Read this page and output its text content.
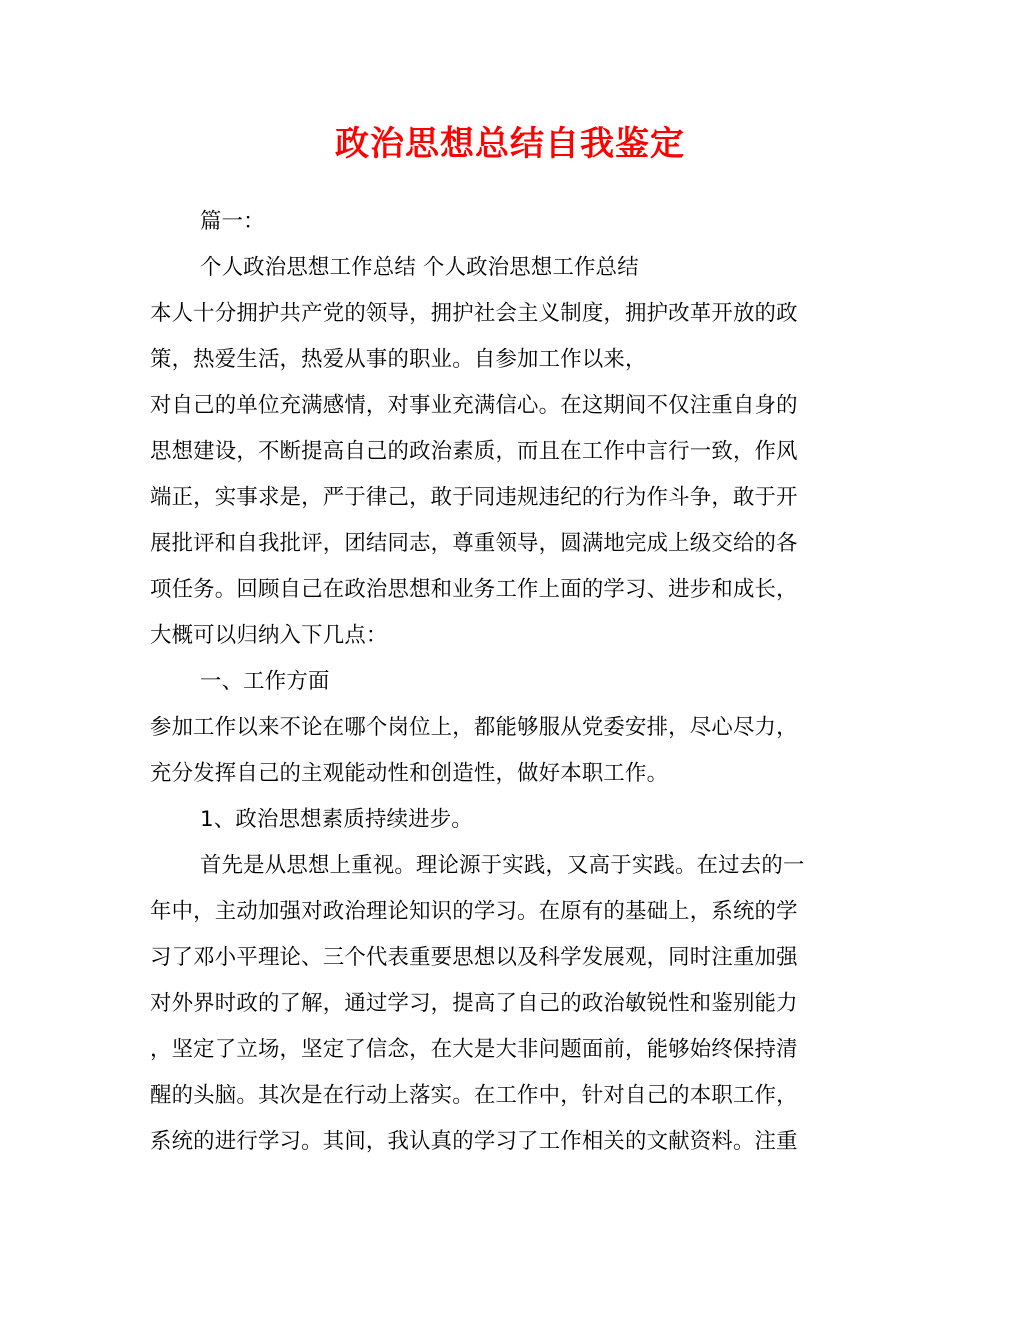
政治思想总结自我鉴定
篇一：
个人政治思想工作总结 个人政治思想工作总结
本人十分拥护共产党的领导，拥护社会主义制度，拥护改革开放的政
策，热爱生活，热爱从事的职业。自参加工作以来，
对自己的单位充满感情，对事业充满信心。在这期间不仅注重自身的
思想建设，不断提高自己的政治素质，而且在工作中言行一致，作风
端正，实事求是，严于律己，敢于同违规违纪的行为作斗争，敢于开
展批评和自我批评，团结同志，尊重领导，圆满地完成上级交给的各
项任务。回顾自己在政治思想和业务工作上面的学习、进步和成长，
大概可以归纳入下几点：
一、工作方面
参加工作以来不论在哪个岗位上，都能够服从党委安排，尽心尽力，
充分发挥自己的主观能动性和创造性，做好本职工作。
1、政治思想素质持续进步。
首先是从思想上重视。理论源于实践，又高于实践。在过去的一
年中，主动加强对政治理论知识的学习。在原有的基础上，系统的学
习了邓小平理论、三个代表重要思想以及科学发展观，同时注重加强
对外界时政的了解，通过学习，提高了自己的政治敏锐性和鉴别能力
，坚定了立场，坚定了信念，在大是大非问题面前，能够始终保持清
醒的头脑。其次是在行动上落实。在工作中，针对自己的本职工作，
系统的进行学习。其间，我认真的学习了工作相关的文献资料。注重
